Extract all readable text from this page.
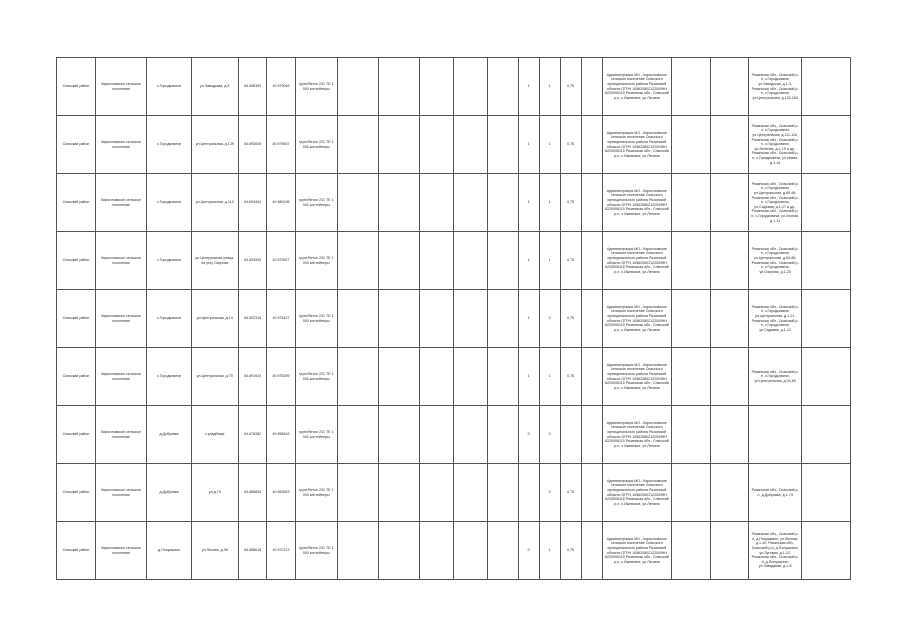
Спасский район	Кирилловское сельское поселение	с.Городковичи	ул.Заводская, д.5	54.698399	40.979045	грунт/бетон 231 ТЕ 1 000 контейнеры						1	1	0,75		Администрация МО - Кирилловское сельское поселение Спасского муниципального района Рязанской области ОГРН 1056208021220/ИНН 6220006115 Рязанская обл., Спасский р-н, с.Ижевское, ул.Ленина			Рязанская обл., Спасский р-н, с.Городковичи, ул.Заводская, д.1-3, Рязанская обл., Спасский р-н, с.Городковичи, ул.Центральная, д.134-183	
Спасский район	Кирилловское сельское поселение	с.Городковичи	ул.Центральная, д.139	54.693045	40.979637	грунт/бетон 231 ТЕ 1 000 контейнеры						1	1	0,75		Администрация МО - Кирилловское сельское поселение Спасского муниципального района Рязанской области ОГРН 1056208021220/ИНН 6220006115 Рязанская обл., Спасский р-н, с.Ижевское, ул.Ленина			Рязанская обл., Спасский р-н, с.Городковичи, ул.Центральная, д.111-116, Рязанская обл., Спасский р-н, с.Городковичи, ул.Зеленая, д.1-19 и др., Рязанская обл., Спасский р-н, с.Городковичи, ул.Новая, д.1-15	
Спасский район	Кирилловское сельское поселение	с.Городковичи	ул.Центральная, д.114	54.693404	40.980196	грунт/бетон 231 ТЕ 1 000 контейнеры						1	1	0,75		Администрация МО - Кирилловское сельское поселение Спасского муниципального района Рязанской области ОГРН 1056208021220/ИНН 6220006115 Рязанская обл., Спасский р-н, с.Ижевское, ул.Ленина			Рязанская обл., Спасский р-н, с.Городковичи, ул.Центральная, д.89-98, Рязанская обл., Спасский р-н, с.Городковичи, ул.Садовая, д.1-17 и др., Рязанская обл., Спасский р-н, с.Городковичи, ул.Лесная, д.1-11	
Спасский район	Кирилловское сельское поселение	с.Городковичи	ул.Центральная улица, на углу Озерная	54.693905	40.979527	грунт/бетон 231 ТЕ 1 000 контейнеры						1	1	0,75		Администрация МО - Кирилловское сельское поселение Спасского муниципального района Рязанской области ОГРН 1056208021220/ИНН 6220006115 Рязанская обл., Спасский р-н, с.Ижевское, ул.Ленина			Рязанская обл., Спасский р-н, с.Городковичи, ул.Центральная, д.64-86, Рязанская обл., Спасский р-н, с.Городковичи, ул.Озерная, д.1-20	
Спасский район	Кирилловское сельское поселение	с.Городковичи	ул.Центральная, д.14	54.692316	40.976427	грунт/бетон 231 ТЕ 1 000 контейнеры						1	2	0,75		Администрация МО - Кирилловское сельское поселение Спасского муниципального района Рязанской области ОГРН 1056208021220/ИНН 6220006115 Рязанская обл., Спасский р-н, с.Ижевское, ул.Ленина			Рязанская обл., Спасский р-н, с.Городковичи, ул.Центральная, д.1-21, Рязанская обл., Спасский р-н, с.Городковичи, ул.Садовая, д.1-12	
Спасский район	Кирилловское сельское поселение	с.Городковичи	ул.Центральная, д.70	54.691924	40.975259	грунт/бетон 231 ТЕ 1 000 контейнеры						1	1	0,75		Администрация МО - Кирилловское сельское поселение Спасского муниципального района Рязанской области ОГРН 1056208021220/ИНН 6220006115 Рязанская обл., Спасский р-н, с.Ижевское, ул.Ленина			Рязанская обл., Спасский р-н, с.Городковичи, ул.Центральная, д.30-60	
Спасский район	Кирилловское сельское поселение	д.Дубровка	с.кладбище	54.676282	40.958643	грунт/бетон 231 ТЕ 1 000 контейнеры						0	0			Администрация МО - Кирилловское сельское поселение Спасского муниципального района Рязанской области ОГРН 1056208021220/ИНН 6220006115 Рязанская обл., Спасский р-н, с.Ижевское, ул.Ленина				
Спасский район	Кирилловское сельское поселение	д.Дубровка	ул.д.74	54.685654	40.962643	грунт/бетон 231 ТЕ 1 000 контейнеры							0	0,75		Администрация МО - Кирилловское сельское поселение Спасского муниципального района Рязанской области ОГРН 1056208021220/ИНН 6220006115 Рязанская обл., Спасский р-н, с.Ижевское, ул.Ленина			Рязанская обл., Спасский р-н, д.Дубровка, д.1-74	
Спасский район	Кирилловское сельское поселение	д.Полушкино	ул.Лесная, д.38	54.686618	40.970713	грунт/бетон 231 ТЕ 1 000 контейнеры						0	1	0,75		Администрация МО - Кирилловское сельское поселение Спасского муниципального района Рязанской области ОГРН 1056208021220/ИНН 6220006115 Рязанская обл., Спасский р-н, с.Ижевское, ул.Ленина			Рязанская обл., Спасский р-н, д.Полушкино, ул.Лесная, д.1-40, Рязанская обл., Спасский р-н, д.Полушкино, ул.Луговая, д.1-12, Рязанская обл., Спасский р-н, д.Полушкино, ул.Заводская, д.1-8	
